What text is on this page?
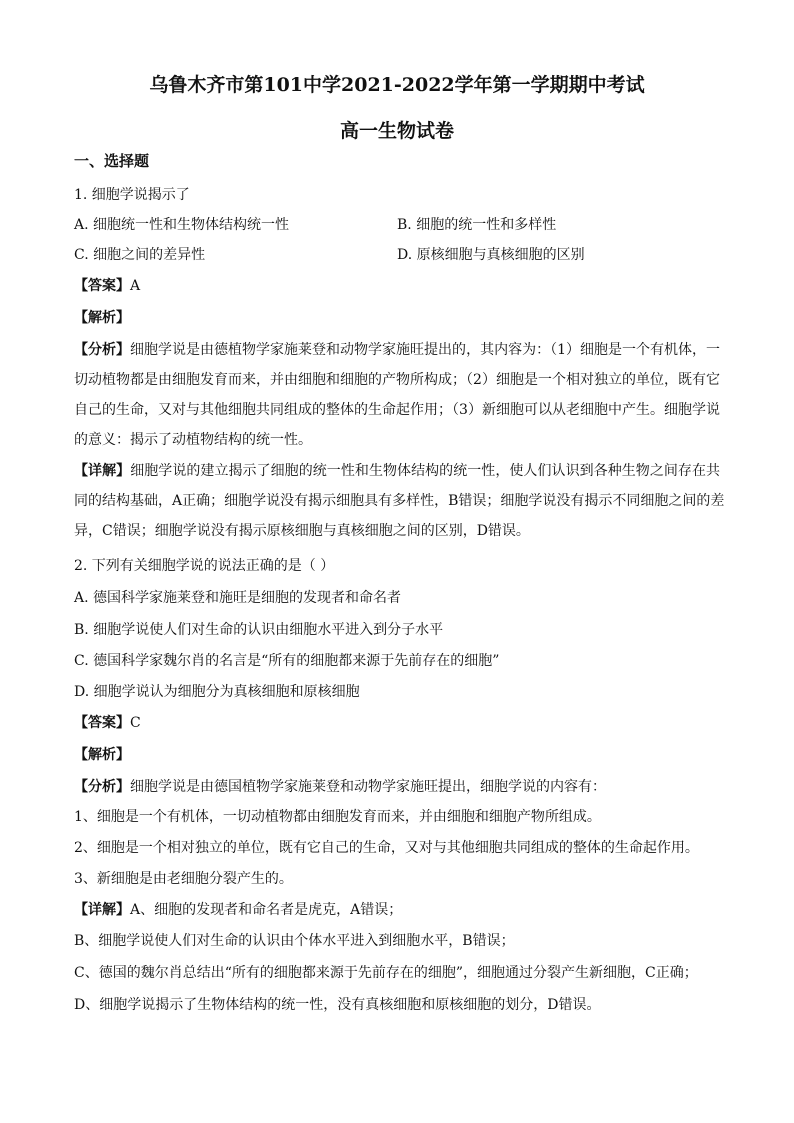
乌鲁木齐市第101中学2021-2022学年第一学期期中考试
高一生物试卷
一、选择题
1. 细胞学说揭示了
A. 细胞统一性和生物体结构统一性	B. 细胞的统一性和多样性
C. 细胞之间的差异性	D. 原核细胞与真核细胞的区别
【答案】A
【解析】
【分析】细胞学说是由德植物学家施莱登和动物学家施旺提出的，其内容为：（1）细胞是一个有机体，一
切动植物都是由细胞发育而来，并由细胞和细胞的产物所构成；（2）细胞是一个相对独立的单位，既有它
自己的生命，又对与其他细胞共同组成的整体的生命起作用；（3）新细胞可以从老细胞中产生。细胞学说
的意义：揭示了动植物结构的统一性。
【详解】细胞学说的建立揭示了细胞的统一性和生物体结构的统一性，使人们认识到各种生物之间存在共
同的结构基础，A正确；细胞学说没有揭示细胞具有多样性，B错误；细胞学说没有揭示不同细胞之间的差
异，C错误；细胞学说没有揭示原核细胞与真核细胞之间的区别，D错误。
2. 下列有关细胞学说的说法正确的是（ ）
A. 德国科学家施莱登和施旺是细胞的发现者和命名者
B. 细胞学说使人们对生命的认识由细胞水平进入到分子水平
C. 德国科学家魏尔肖的名言是“所有的细胞都来源于先前存在的细胞”
D. 细胞学说认为细胞分为真核细胞和原核细胞
【答案】C
【解析】
【分析】细胞学说是由德国植物学家施莱登和动物学家施旺提出，细胞学说的内容有：
1、细胞是一个有机体，一切动植物都由细胞发育而来，并由细胞和细胞产物所组成。
2、细胞是一个相对独立的单位，既有它自己的生命，又对与其他细胞共同组成的整体的生命起作用。
3、新细胞是由老细胞分裂产生的。
【详解】A、细胞的发现者和命名者是虎克，A错误；
B、细胞学说使人们对生命的认识由个体水平进入到细胞水平，B错误；
C、德国的魏尔肖总结出“所有的细胞都来源于先前存在的细胞”，细胞通过分裂产生新细胞，C正确；
D、细胞学说揭示了生物体结构的统一性，没有真核细胞和原核细胞的划分，D错误。
